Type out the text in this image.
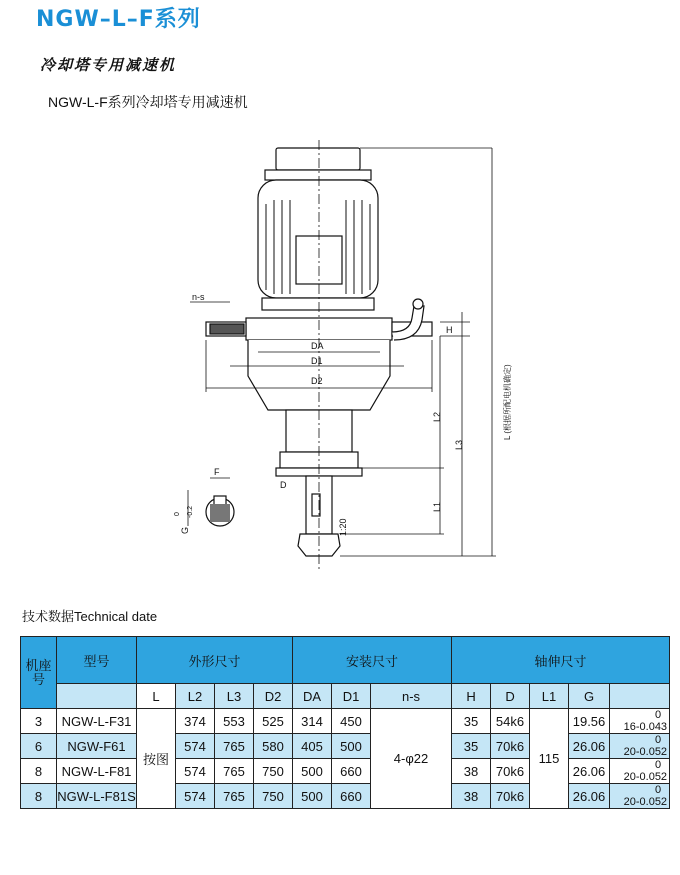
NGW–L–F系列
冷却塔专用减速机
NGW-L-F系列冷却塔专用减速机
n-s
H
DA
D1
D2
L2
L3
L1
L (根据所配电机确定)
D
1:20
F
G
0 -0.2
技术数据Technical date
机座号	型号	外形尺寸				安装尺寸			轴伸尺寸				
		L	L2	L3	D2	DA	D1	n-s	H	D	L1	G	
3	NGW-L-F31	按图	374	553	525	314	450	4-φ22	35	54k6	115	19.56	0
16-0.043

6	NGW-F61		574	765	580	405	500		35	70k6		26.06	0
20-0.052

8	NGW-L-F81		574	765	750	500	660		38	70k6		26.06	0
20-0.052

8	NGW-L-F81S		574	765	750	500	660		38	70k6		26.06	0
20-0.052
